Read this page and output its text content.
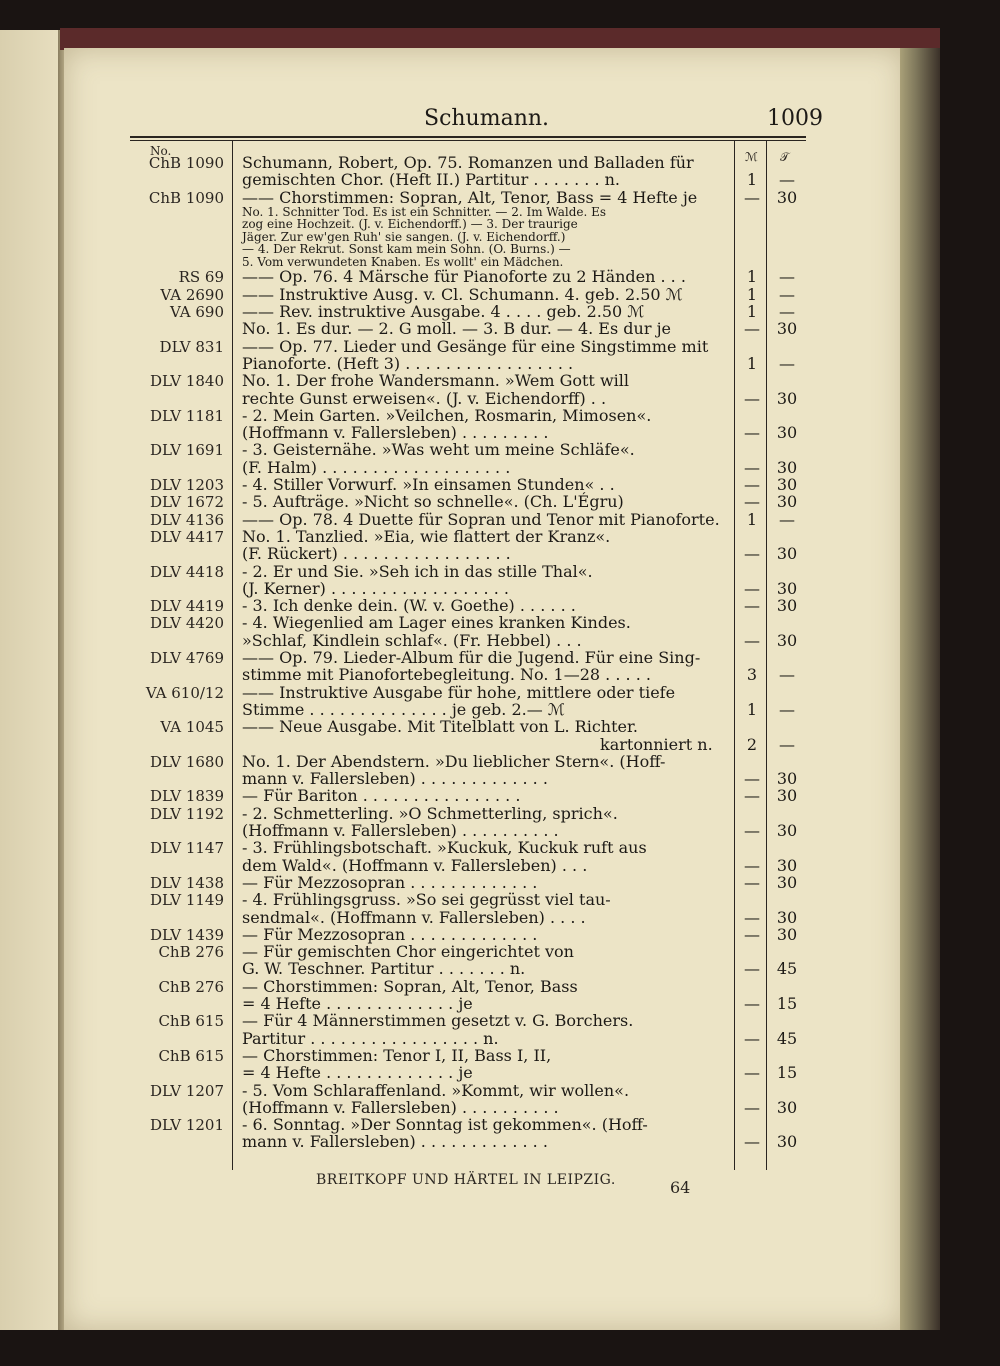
Schumann.	1009
No.	ℳ 𝒯
ChB 1090 Schumann, Robert, Op. 75. Romanzen und Balladen für
gemischten Chor. (Heft II.) Partitur . . . . . . . n.	1	—
ChB 1090 —— Chorstimmen: Sopran, Alt, Tenor, Bass = 4 Hefte je	—	30
No. 1. Schnitter Tod. Es ist ein Schnitter. — 2. Im Walde. Es
zog eine Hochzeit. (J. v. Eichendorff.) — 3. Der traurige
Jäger. Zur ew'gen Ruh' sie sangen. (J. v. Eichendorff.)
— 4. Der Rekrut. Sonst kam mein Sohn. (O. Burns.) —
5. Vom verwundeten Knaben. Es wollt' ein Mädchen.
RS 69 —— Op. 76. 4 Märsche für Pianoforte zu 2 Händen . . .	1	—
VA 2690 —— Instruktive Ausg. v. Cl. Schumann. 4. geb. 2.50 ℳ	1	—
VA 690 —— Rev. instruktive Ausgabe. 4 . . . . geb. 2.50 ℳ	1	—
No. 1. Es dur. — 2. G moll. — 3. B dur. — 4. Es dur je	—	30
DLV 831 —— Op. 77. Lieder und Gesänge für eine Singstimme mit
Pianoforte. (Heft 3) . . . . . . . . . . . . . . . . .	1	—
DLV 1840 No. 1. Der frohe Wandersmann. »Wem Gott will
rechte Gunst erweisen«. (J. v. Eichendorff) . .	—	30
DLV 1181 - 2. Mein Garten. »Veilchen, Rosmarin, Mimosen«.
(Hoffmann v. Fallersleben) . . . . . . . . .	—	30
DLV 1691 - 3. Geisternähe. »Was weht um meine Schläfe«.
(F. Halm) . . . . . . . . . . . . . . . . . . .	—	30
DLV 1203 - 4. Stiller Vorwurf. »In einsamen Stunden« . .	—	30
DLV 1672 - 5. Aufträge. »Nicht so schnelle«. (Ch. L'Égru)	—	30
DLV 4136 —— Op. 78. 4 Duette für Sopran und Tenor mit Pianoforte.	1	—
DLV 4417 No. 1. Tanzlied. »Eia, wie flattert der Kranz«.
(F. Rückert) . . . . . . . . . . . . . . . . .	—	30
DLV 4418 - 2. Er und Sie. »Seh ich in das stille Thal«.
(J. Kerner) . . . . . . . . . . . . . . . . . .	—	30
DLV 4419 - 3. Ich denke dein. (W. v. Goethe) . . . . . .	—	30
DLV 4420 - 4. Wiegenlied am Lager eines kranken Kindes.
»Schlaf, Kindlein schlaf«. (Fr. Hebbel) . . .	—	30
DLV 4769 —— Op. 79. Lieder-Album für die Jugend. Für eine Sing-
stimme mit Pianofortebegleitung. No. 1—28 . . . . .	3	—
VA 610/12 —— Instruktive Ausgabe für hohe, mittlere oder tiefe
Stimme . . . . . . . . . . . . . . je geb. 2.— ℳ	1	—
VA 1045 —— Neue Ausgabe. Mit Titelblatt von L. Richter.
kartonniert n.	2	—
DLV 1680 No. 1. Der Abendstern. »Du lieblicher Stern«. (Hoff-
mann v. Fallersleben) . . . . . . . . . . . . .	—	30
DLV 1839 — Für Bariton . . . . . . . . . . . . . . . .	—	30
DLV 1192 - 2. Schmetterling. »O Schmetterling, sprich«.
(Hoffmann v. Fallersleben) . . . . . . . . . .	—	30
DLV 1147 - 3. Frühlingsbotschaft. »Kuckuk, Kuckuk ruft aus
dem Wald«. (Hoffmann v. Fallersleben) . . .	—	30
DLV 1438 — Für Mezzosopran . . . . . . . . . . . . .	—	30
DLV 1149 - 4. Frühlingsgruss. »So sei gegrüsst viel tau-
sendmal«. (Hoffmann v. Fallersleben) . . . .	—	30
DLV 1439 — Für Mezzosopran . . . . . . . . . . . . .	—	30
ChB 276 — Für gemischten Chor eingerichtet von
G. W. Teschner. Partitur . . . . . . . n.	—	45
ChB 276 — Chorstimmen: Sopran, Alt, Tenor, Bass
= 4 Hefte . . . . . . . . . . . . . je	—	15
ChB 615 — Für 4 Männerstimmen gesetzt v. G. Borchers.
Partitur . . . . . . . . . . . . . . . . . n.	—	45
ChB 615 — Chorstimmen: Tenor I, II, Bass I, II,
= 4 Hefte . . . . . . . . . . . . . je	—	15
DLV 1207 - 5. Vom Schlaraffenland. »Kommt, wir wollen«.
(Hoffmann v. Fallersleben) . . . . . . . . . .	—	30
DLV 1201 - 6. Sonntag. »Der Sonntag ist gekommen«. (Hoff-
mann v. Fallersleben) . . . . . . . . . . . . .	—	30
BREITKOPF UND HÄRTEL IN LEIPZIG.	64
